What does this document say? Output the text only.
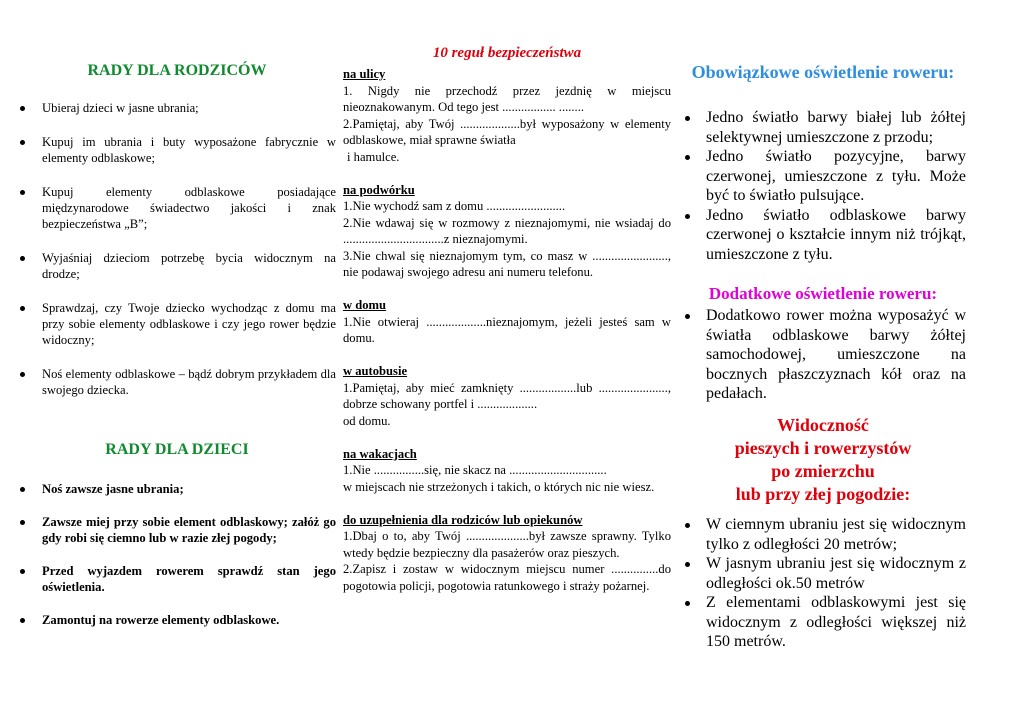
RADY DLA RODZICÓW
Ubieraj dzieci w jasne ubrania;
Kupuj im ubrania i buty wyposażone fabrycznie w elementy odblaskowe;
Kupuj elementy odblaskowe posiadające międzynarodowe świadectwo jakości i znak bezpieczeństwa „B”;
Wyjaśniaj dzieciom potrzebę bycia widocznym na drodze;
Sprawdzaj, czy Twoje dziecko wychodząc z domu ma przy sobie elementy odblaskowe i czy jego rower będzie widoczny;
Noś elementy odblaskowe – bądź dobrym przykładem dla swojego dziecka.
RADY DLA DZIECI
Noś zawsze jasne ubrania;
Zawsze miej przy sobie element odblaskowy; załóż go gdy robi się ciemno lub w razie złej pogody;
Przed wyjazdem rowerem sprawdź stan jego oświetlenia.
Zamontuj na rowerze elementy odblaskowe.
10 reguł bezpieczeństwa

na ulicy

1. Nigdy nie przechodź przez jezdnię w miejscu nieoznakowanym. Od tego jest ................. ........

2.Pamiętaj, aby Twój ...................był wyposażony w elementy odblaskowe, miał sprawne światła

i hamulce.

na podwórku

1.Nie wychodź sam z domu .........................

2.Nie wdawaj się w rozmowy z nieznajomymi, nie wsiadaj do ................................z nieznajomymi.

3.Nie chwal się nieznajomym tym, co masz w ........................, nie podawaj swojego adresu ani numeru telefonu.

w domu

1.Nie otwieraj ...................nieznajomym, jeżeli jesteś sam w domu.

w autobusie

1.Pamiętaj, aby mieć zamknięty ..................lub ......................, dobrze schowany portfel i ...................

od domu.

na wakacjach

1.Nie ................się, nie skacz na ...............................

w miejscach nie strzeżonych i takich, o których nic nie wiesz.

do uzupełnienia dla rodziców lub opiekunów

1.Dbaj o to, aby Twój ....................był zawsze sprawny. Tylko wtedy będzie bezpieczny dla pasażerów oraz pieszych.

2.Zapisz i zostaw w widocznym miejscu numer ...............do pogotowia policji, pogotowia ratunkowego i straży pożarnej.

Obowiązkowe oświetlenie roweru:
Jedno światło barwy białej lub żółtej selektywnej umieszczone z przodu;
Jedno światło pozycyjne, barwy czerwonej, umieszczone z tyłu. Może być to światło pulsujące.
Jedno światło odblaskowe barwy czerwonej o kształcie innym niż trójkąt, umieszczone z tyłu.
Dodatkowe oświetlenie roweru:
Dodatkowo rower można wyposażyć w światła odblaskowe barwy żółtej samochodowej, umieszczone na bocznych płaszczyznach kół oraz na pedałach.
Widoczność
pieszych i rowerzystów
po zmierzchu
lub przy złej pogodzie:
W ciemnym ubraniu jest się widocznym tylko z odległości 20 metrów;
W jasnym ubraniu jest się widocznym z odległości ok.50 metrów
Z elementami odblaskowymi jest się widocznym z odległości większej niż 150 metrów.
